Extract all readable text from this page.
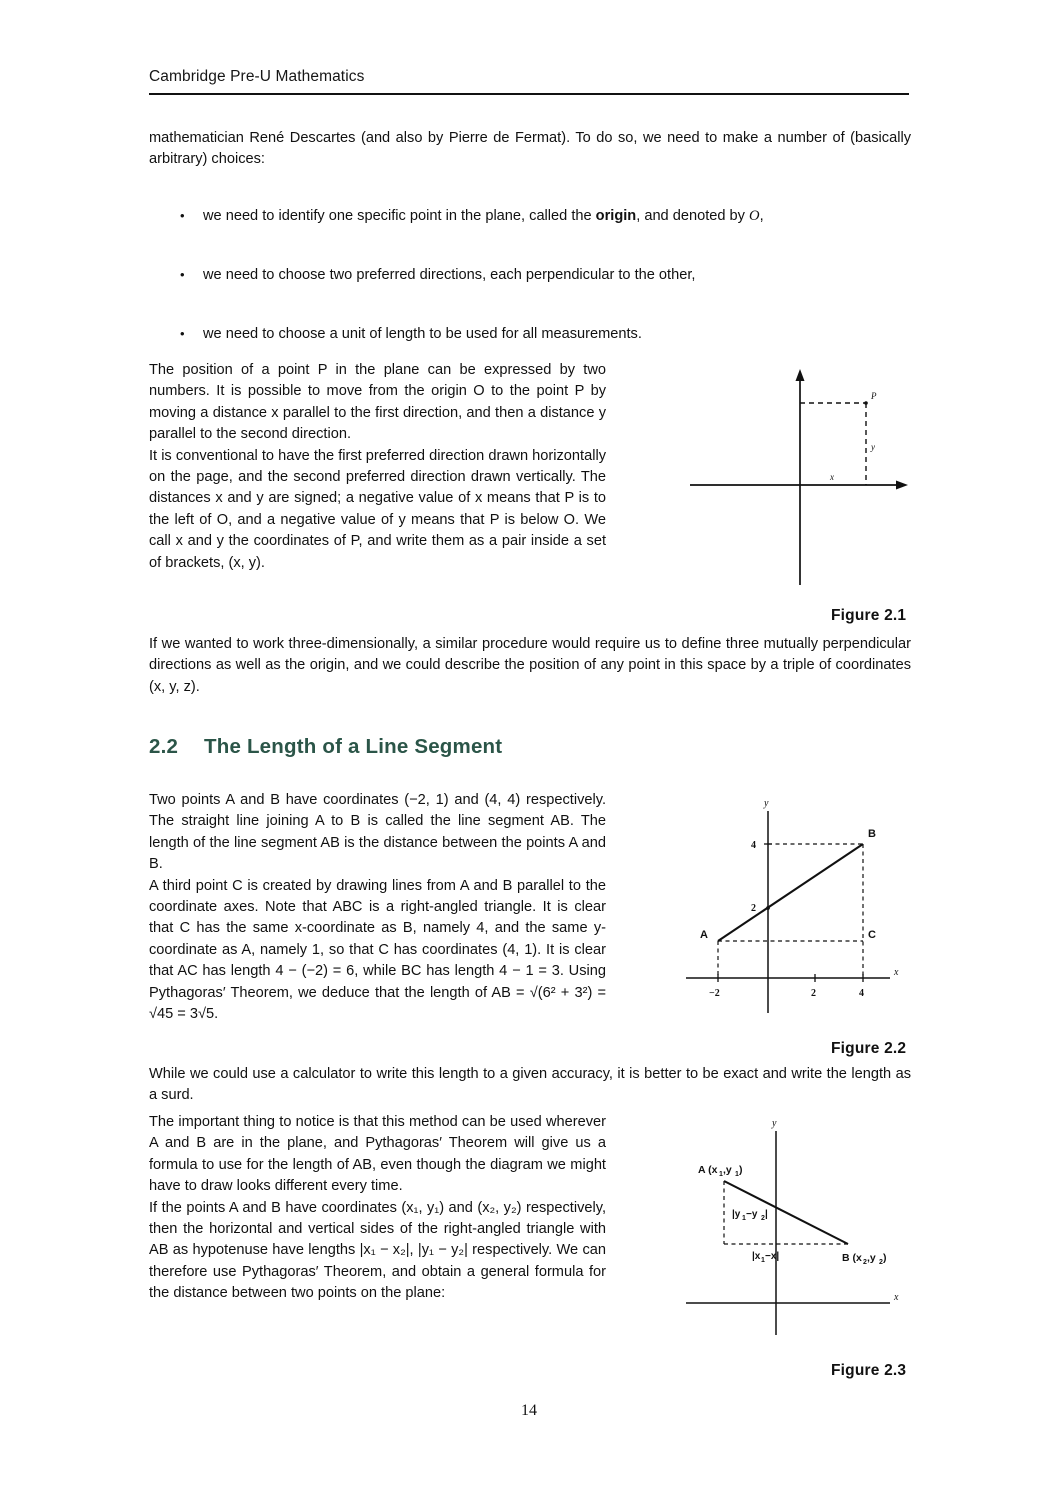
Cambridge Pre-U Mathematics
mathematician René Descartes (and also by Pierre de Fermat). To do so, we need to make a number of (basically arbitrary) choices:
• we need to identify one specific point in the plane, called the origin, and denoted by O,
• we need to choose two preferred directions, each perpendicular to the other,
• we need to choose a unit of length to be used for all measurements.
The position of a point P in the plane can be expressed by two numbers. It is possible to move from the origin O to the point P by moving a distance x parallel to the first direction, and then a distance y parallel to the second direction.
It is conventional to have the first preferred direction drawn horizontally on the page, and the second preferred direction drawn vertically. The distances x and y are signed; a negative value of x means that P is to the left of O, and a negative value of y means that P is below O. We call x and y the coordinates of P, and write them as a pair inside a set of brackets, (x, y).
P
x
y
Figure 2.1
If we wanted to work three-dimensionally, a similar procedure would require us to define three mutually perpendicular directions as well as the origin, and we could describe the position of any point in this space by a triple of coordinates (x, y, z).
2.2 The Length of a Line Segment
Two points A and B have coordinates (−2, 1) and (4, 4) respectively. The straight line joining A to B is called the line segment AB. The length of the line segment AB is the distance between the points A and B.
A third point C is created by drawing lines from A and B parallel to the coordinate axes. Note that ABC is a right-angled triangle. It is clear that C has the same x-coordinate as B, namely 4, and the same y-coordinate as A, namely 1, so that C has coordinates (4, 1). It is clear that AC has length 4 − (−2) = 6, while BC has length 4 − 1 = 3. Using Pythagoras′ Theorem, we deduce that the length of AB = √(6² + 3²) = √45 = 3√5.
x
y
4
2
−2	2	4
A
B
C
Figure 2.2
While we could use a calculator to write this length to a given accuracy, it is better to be exact and write the length as a surd.
The important thing to notice is that this method can be used wherever A and B are in the plane, and Pythagoras′ Theorem will give us a formula to use for the length of AB, even though the diagram we might have to draw looks different every time.
If the points A and B have coordinates (x₁, y₁) and (x₂, y₂) respectively, then the horizontal and vertical sides of the right-angled triangle with AB as hypotenuse have lengths |x₁ − x₂|, |y₁ − y₂| respectively. We can therefore use Pythagoras′ Theorem, and obtain a general formula for the distance between two points on the plane:	x
y
A (x 1 ,y 1 )
B (x 2 ,y 2 )
|y 1 −y 2 |
|x 1 −x|
Figure 2.3
14
